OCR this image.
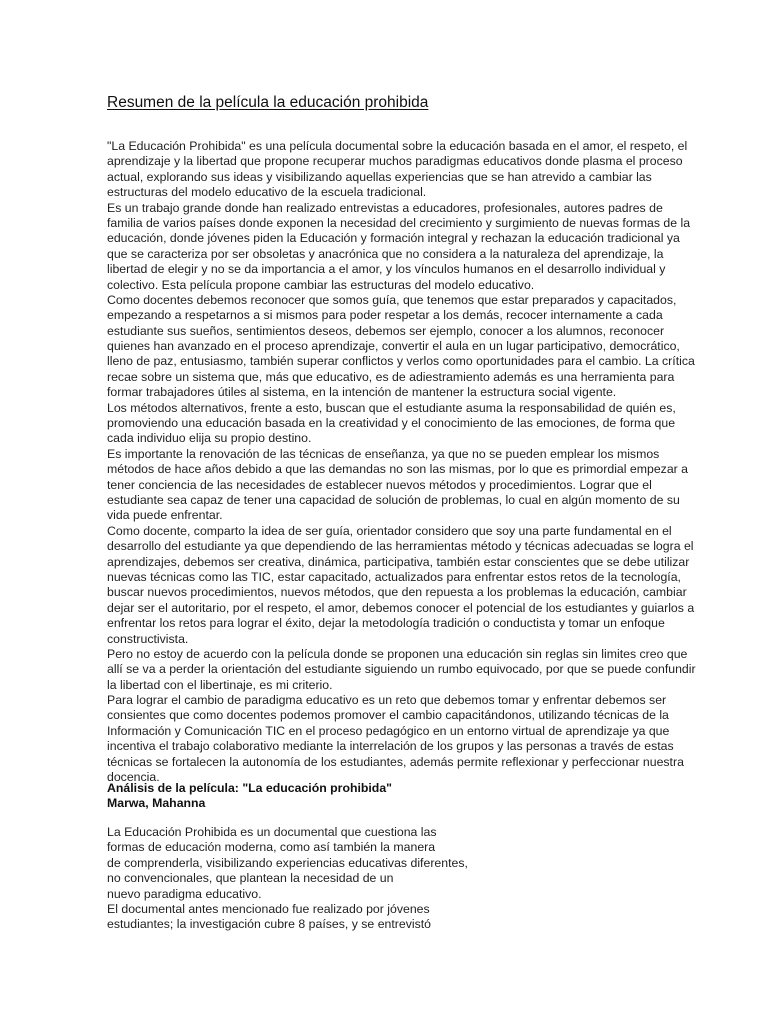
Resumen de la película la educación prohibida
"La Educación Prohibida" es una película documental sobre la educación basada en el amor, el respeto, el
aprendizaje y la libertad que propone recuperar muchos paradigmas educativos donde plasma el proceso
actual, explorando sus ideas y visibilizando aquellas experiencias que se han atrevido a cambiar las
estructuras del modelo educativo de la escuela tradicional.
Es un trabajo grande donde han realizado entrevistas a educadores, profesionales, autores padres de
familia de varios países donde exponen la necesidad del crecimiento y surgimiento de nuevas formas de la
educación, donde jóvenes piden la Educación y formación integral y rechazan la educación tradicional ya
que se caracteriza por ser obsoletas y anacrónica que no considera a la naturaleza del aprendizaje, la
libertad de elegir y no se da importancia a el amor, y los vínculos humanos en el desarrollo individual y
colectivo. Esta película propone cambiar las estructuras del modelo educativo.
Como docentes debemos reconocer que somos guía, que tenemos que estar preparados y capacitados,
empezando a respetarnos a si mismos para poder respetar a los demás, recocer internamente a cada
estudiante sus sueños, sentimientos deseos, debemos ser ejemplo, conocer a los alumnos, reconocer
quienes han avanzado en el proceso aprendizaje, convertir el aula en un lugar participativo, democrático,
lleno de paz, entusiasmo, también superar conflictos y verlos como oportunidades para el cambio. La crítica
recae sobre un sistema que, más que educativo, es de adiestramiento además es una herramienta para
formar trabajadores útiles al sistema, en la intención de mantener la estructura social vigente.
Los métodos alternativos, frente a esto, buscan que el estudiante asuma la responsabilidad de quién es,
promoviendo una educación basada en la creatividad y el conocimiento de las emociones, de forma que
cada individuo elija su propio destino.
Es importante la renovación de las técnicas de enseñanza, ya que no se pueden emplear los mismos
métodos de hace años debido a que las demandas no son las mismas, por lo que es primordial empezar a
tener conciencia de las necesidades de establecer nuevos métodos y procedimientos. Lograr que el
estudiante sea capaz de tener una capacidad de solución de problemas, lo cual en algún momento de su
vida puede enfrentar.
Como docente, comparto la idea de ser guía, orientador considero que soy una parte fundamental en el
desarrollo del estudiante ya que dependiendo de las herramientas método y técnicas adecuadas se logra el
aprendizajes, debemos ser creativa, dinámica, participativa, también estar conscientes que se debe utilizar
nuevas técnicas como las TIC, estar capacitado, actualizados para enfrentar estos retos de la tecnología,
buscar nuevos procedimientos, nuevos métodos, que den repuesta a los problemas la educación, cambiar
dejar ser el autoritario, por el respeto, el amor, debemos conocer el potencial de los estudiantes y guiarlos a
enfrentar los retos para lograr el éxito, dejar la metodología tradición o conductista y tomar un enfoque
constructivista.
Pero no estoy de acuerdo con la película donde se proponen una educación sin reglas sin limites creo que
allí se va a perder la orientación del estudiante siguiendo un rumbo equivocado, por que se puede confundir
la libertad con el libertinaje, es mi criterio.
Para lograr el cambio de paradigma educativo es un reto que debemos tomar y enfrentar debemos ser
consientes que como docentes podemos promover el cambio capacitándonos, utilizando técnicas de la
Información y Comunicación TIC en el proceso pedagógico en un entorno virtual de aprendizaje ya que
incentiva el trabajo colaborativo mediante la interrelación de los grupos y las personas a través de estas
técnicas se fortalecen la autonomía de los estudiantes, además permite reflexionar y perfeccionar nuestra
docencia.
Análisis de la película: "La educación prohibida"
Marwa, Mahanna
La Educación Prohibida es un documental que cuestiona las
formas de educación moderna, como así también la manera
de comprenderla, visibilizando experiencias educativas diferentes,
no convencionales, que plantean la necesidad de un
nuevo paradigma educativo.
El documental antes mencionado fue realizado por jóvenes
estudiantes; la investigación cubre 8 países, y se entrevistó
